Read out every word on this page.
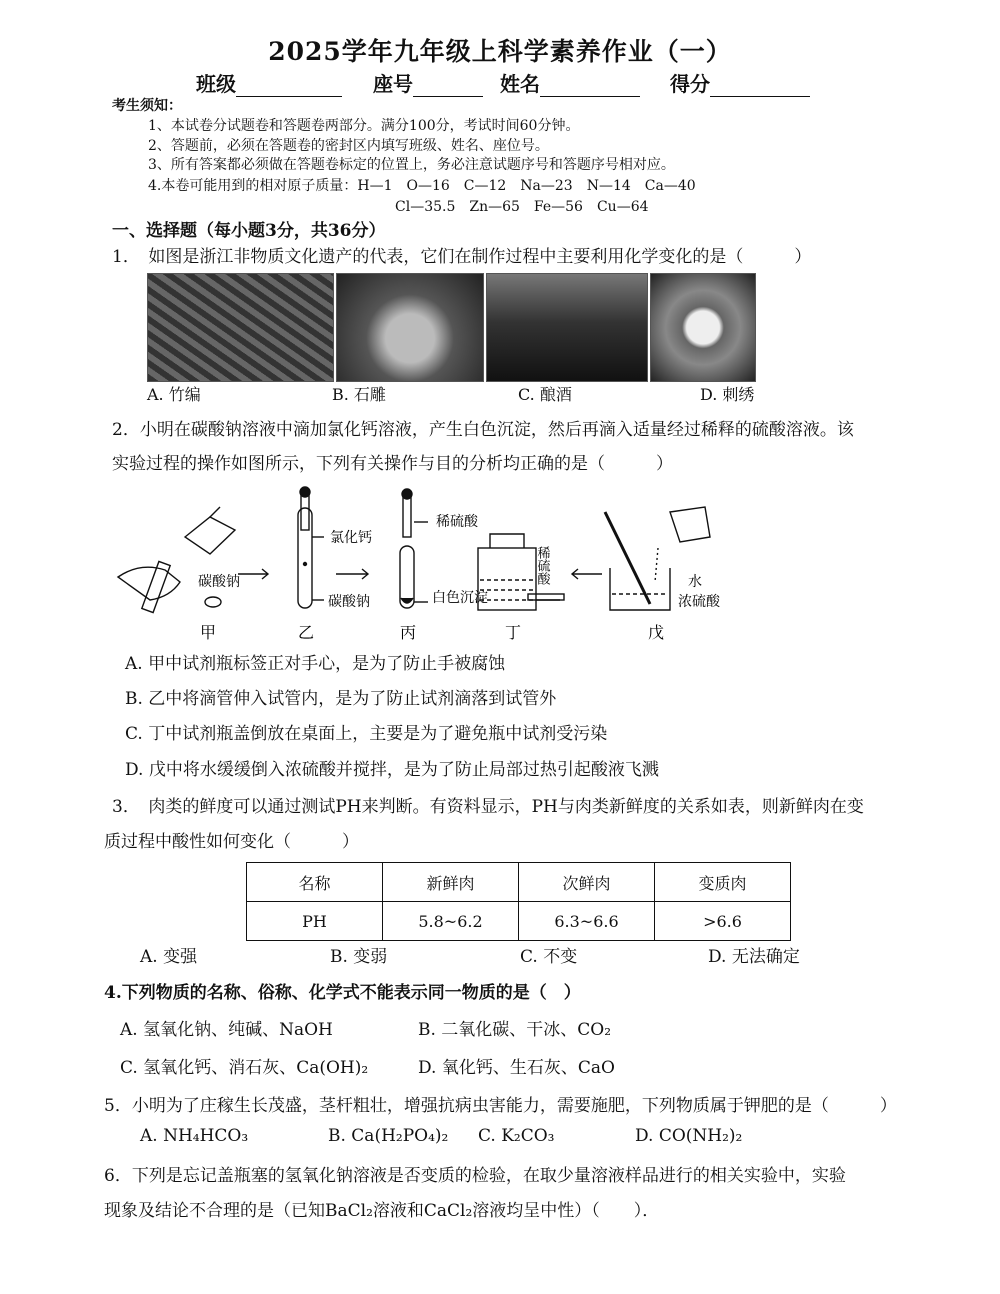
2025学年九年级上科学素养作业（一）
班级	座号	姓名	得分
考生须知：
1、本试卷分试题卷和答题卷两部分。满分100分，考试时间60分钟。
2、答题前，必须在答题卷的密封区内填写班级、姓名、座位号。
3、所有答案都必须做在答题卷标定的位置上，务必注意试题序号和答题序号相对应。
4.本卷可能用到的相对原子质量：H—1　O—16　C—12　Na—23　N—14　Ca—40
Cl—35.5　Zn—65　Fe—56　Cu—64
一、选择题（每小题3分，共36分）
1．　如图是浙江非物质文化遗产的代表，它们在制作过程中主要利用化学变化的是（　　　）
A. 竹编	B. 石雕	C. 酿酒	D. 刺绣
2．小明在碳酸钠溶液中滴加氯化钙溶液，产生白色沉淀，然后再滴入适量经过稀释的硫酸溶液。该
实验过程的操作如图所示，下列有关操作与目的分析均正确的是（　　　）
碳酸钠
氯化钙
碳酸钠
稀硫酸
白色沉淀
稀硫酸	水
浓硫酸
甲	乙	丙	丁	戊
A. 甲中试剂瓶标签正对手心，是为了防止手被腐蚀
B. 乙中将滴管伸入试管内，是为了防止试剂滴落到试管外
C. 丁中试剂瓶盖倒放在桌面上，主要是为了避免瓶中试剂受污染
D. 戊中将水缓缓倒入浓硫酸并搅拌，是为了防止局部过热引起酸液飞溅
3．　肉类的鲜度可以通过测试PH来判断。有资料显示，PH与肉类新鲜度的关系如表，则新鲜肉在变
质过程中酸性如何变化（　　　）
名称	新鲜肉	次鲜肉	变质肉
PH	5.8~6.2	6.3~6.6	>6.6
A. 变强	B. 变弱	C. 不变	D. 无法确定
4.下列物质的名称、俗称、化学式不能表示同一物质的是（　）
A. 氢氧化钠、纯碱、NaOH	B. 二氧化碳、干冰、CO₂
C. 氢氧化钙、消石灰、Ca(OH)₂	D. 氧化钙、生石灰、CaO
5．小明为了庄稼生长茂盛，茎杆粗壮，增强抗病虫害能力，需要施肥，下列物质属于钾肥的是（　　　）
A. NH₄HCO₃	B. Ca(H₂PO₄)₂ C. K₂CO₃	D. CO(NH₂)₂
6．下列是忘记盖瓶塞的氢氧化钠溶液是否变质的检验，在取少量溶液样品进行的相关实验中，实验
现象及结论不合理的是（已知BaCl₂溶液和CaCl₂溶液均呈中性）（　　）．
